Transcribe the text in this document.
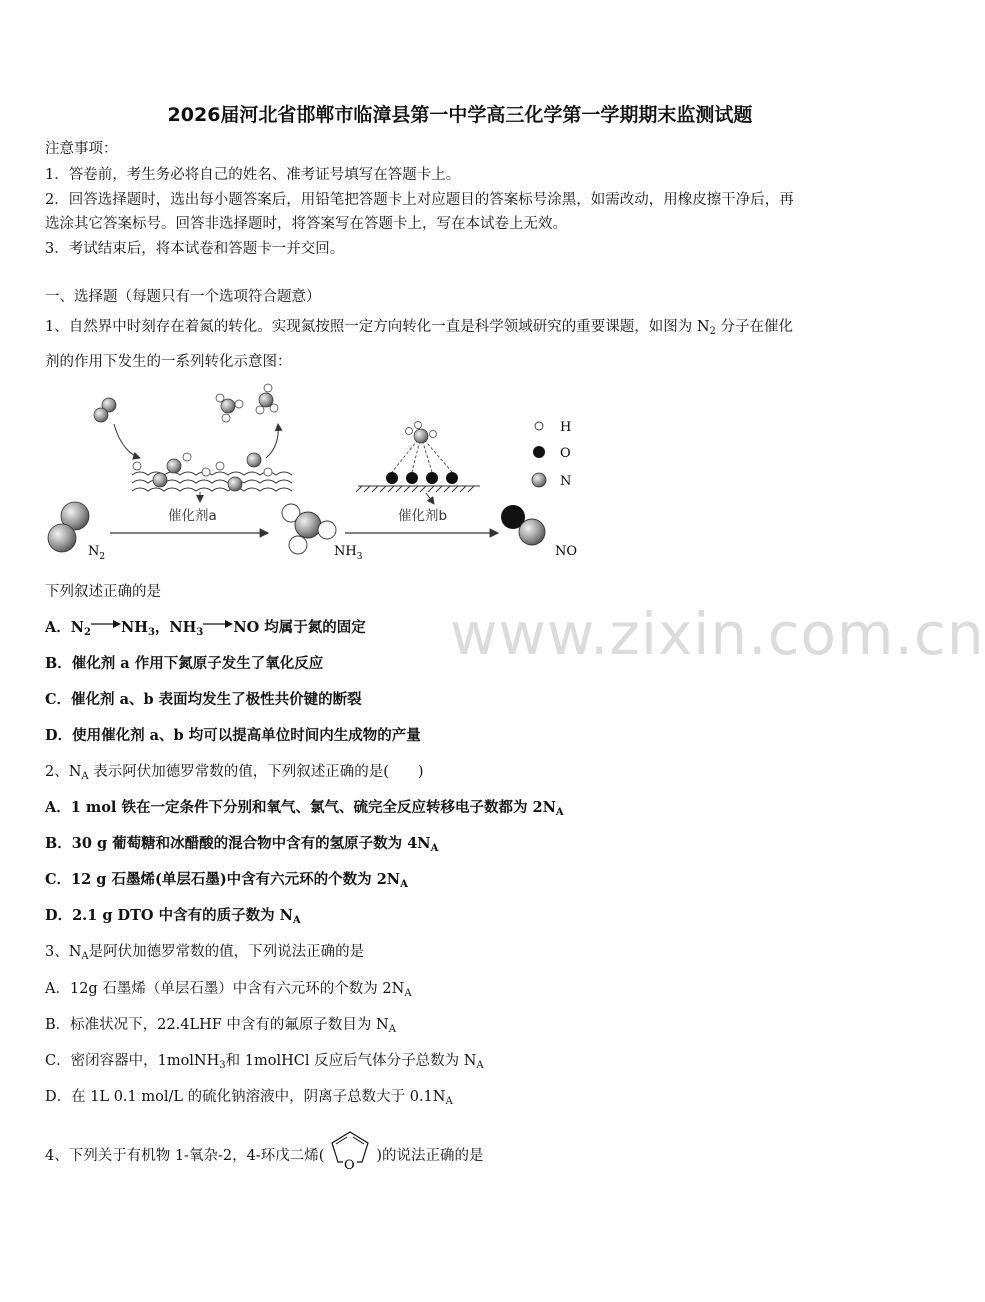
2026届河北省邯郸市临漳县第一中学高三化学第一学期期末监测试题
注意事项：
1．答卷前，考生务必将自己的姓名、准考证号填写在答题卡上。
2．回答选择题时，选出每小题答案后，用铅笔把答题卡上对应题目的答案标号涂黑，如需改动，用橡皮擦干净后，再
选涂其它答案标号。回答非选择题时，将答案写在答题卡上，写在本试卷上无效。
3．考试结束后，将本试卷和答题卡一并交回。
一、选择题（每题只有一个选项符合题意）
1、自然界中时刻存在着氮的转化。实现氮按照一定方向转化一直是科学领域研究的重要课题，如图为 $N_2$ 分子在催化
剂的作用下发生的一系列转化示意图：
$N_2$
催化剂a
$NH_3$
催化剂b
NO
H
O
N
下列叙述正确的是
A．$N_2 \to NH_3$，$NH_3 \to NO$ 均属于氮的固定
B．催化剂 a 作用下氮原子发生了氧化反应
C．催化剂 a、b 表面均发生了极性共价键的断裂
D．使用催化剂 a、b 均可以提高单位时间内生成物的产量
2、$N_A$ 表示阿伏加德罗常数的值，下列叙述正确的是(　　)
A．1 mol 铁在一定条件下分别和氧气、氯气、硫完全反应转移电子数都为 $2N_A$
B．30 g 葡萄糖和冰醋酸的混合物中含有的氢原子数为 $4N_A$
C．12 g 石墨烯(单层石墨)中含有六元环的个数为 $2N_A$
D．2.1 g DTO 中含有的质子数为 $N_A$
3、$N_A$是阿伏加德罗常数的值，下列说法正确的是
A．12g 石墨烯（单层石墨）中含有六元环的个数为 $2N_A$
B．标准状况下，22.4LHF 中含有的氟原子数目为 $N_A$
C．密闭容器中，1molNH$_3$和 1molHCl 反应后气体分子总数为 $N_A$
D．在 1L 0.1 mol/L 的硫化钠溶液中，阴离子总数大于 $0.1N_A$
4、下列关于有机物 1-氧杂-2，4-环戊二烯(
O
)的说法正确的是
www.zixin.com.cn
